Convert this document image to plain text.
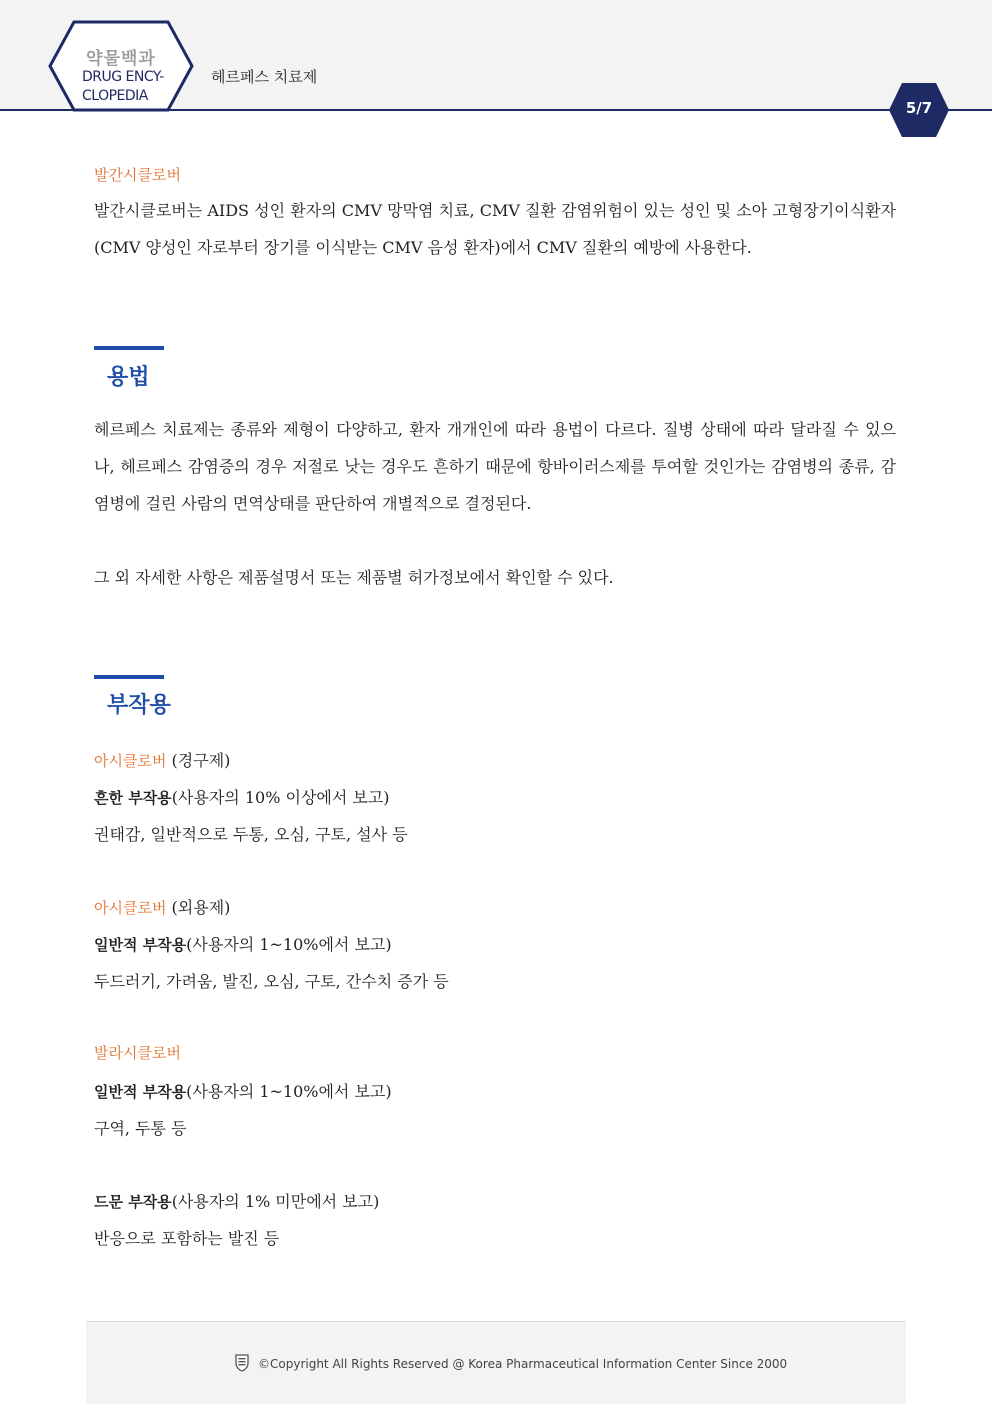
약물백과
DRUG ENCY-
CLOPEDIA
헤르페스 치료제
5/7
발간시클로버
발간시클로버는 AIDS 성인 환자의 CMV 망막염 치료, CMV 질환 감염위험이 있는 성인 및 소아 고형장기이식환자(CMV 양성인 자로부터 장기를 이식받는 CMV 음성 환자)에서 CMV 질환의 예방에 사용한다.
용법
헤르페스 치료제는 종류와 제형이 다양하고, 환자 개개인에 따라 용법이 다르다. 질병 상태에 따라 달라질 수 있으나, 헤르페스 감염증의 경우 저절로 낫는 경우도 흔하기 때문에 항바이러스제를 투여할 것인가는 감염병의 종류, 감염병에 걸린 사람의 면역상태를 판단하여 개별적으로 결정된다.
그 외 자세한 사항은 제품설명서 또는 제품별 허가정보에서 확인할 수 있다.
부작용
아시클로버 (경구제)
흔한 부작용(사용자의 10% 이상에서 보고)
권태감, 일반적으로 두통, 오심, 구토, 설사 등
아시클로버 (외용제)
일반적 부작용(사용자의 1~10%에서 보고)
두드러기, 가려움, 발진, 오심, 구토, 간수치 증가 등
발라시클로버
일반적 부작용(사용자의 1~10%에서 보고)
구역, 두통 등
드문 부작용(사용자의 1% 미만에서 보고)
반응으로 포함하는 발진 등
©Copyright All Rights Reserved @ Korea Pharmaceutical Information Center Since 2000
